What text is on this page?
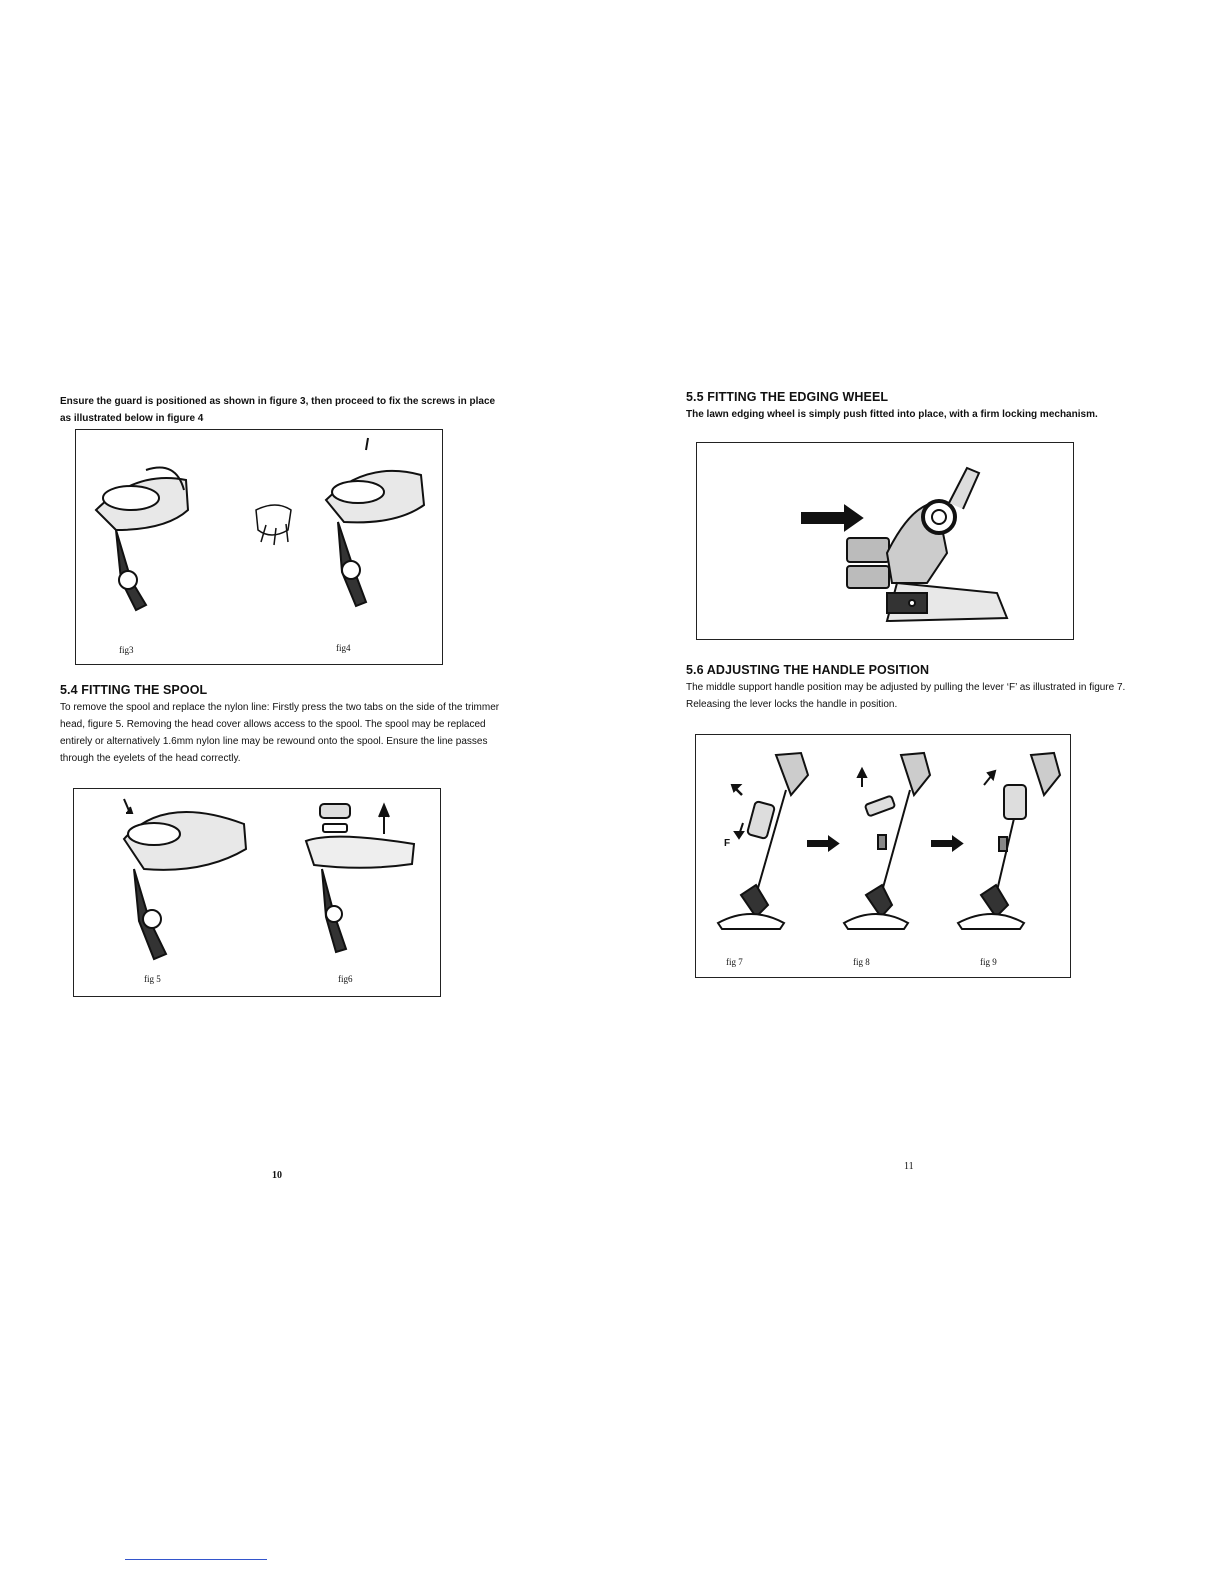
Ensure the guard is positioned as shown in figure 3, then proceed to fix the screws in place as illustrated below in figure 4

fig3	fig4
5.4 FITTING THE SPOOL

To remove the spool and replace the nylon line: Firstly press the two tabs on the side of the trimmer head, figure 5. Removing the head cover allows access to the spool. The spool may be replaced entirely or alternatively 1.6mm nylon line may be rewound onto the spool. Ensure the line passes through the eyelets of the head correctly.

fig 5	fig6
10
5.5 FITTING THE EDGING WHEEL

The lawn edging wheel is simply push fitted into place, with a firm locking mechanism.

5.6 ADJUSTING THE HANDLE POSITION

The middle support handle position may be adjusted by pulling the lever ‘F’ as illustrated in figure 7. Releasing the lever locks the handle in position.

F
fig 7	fig 8	fig 9
11
